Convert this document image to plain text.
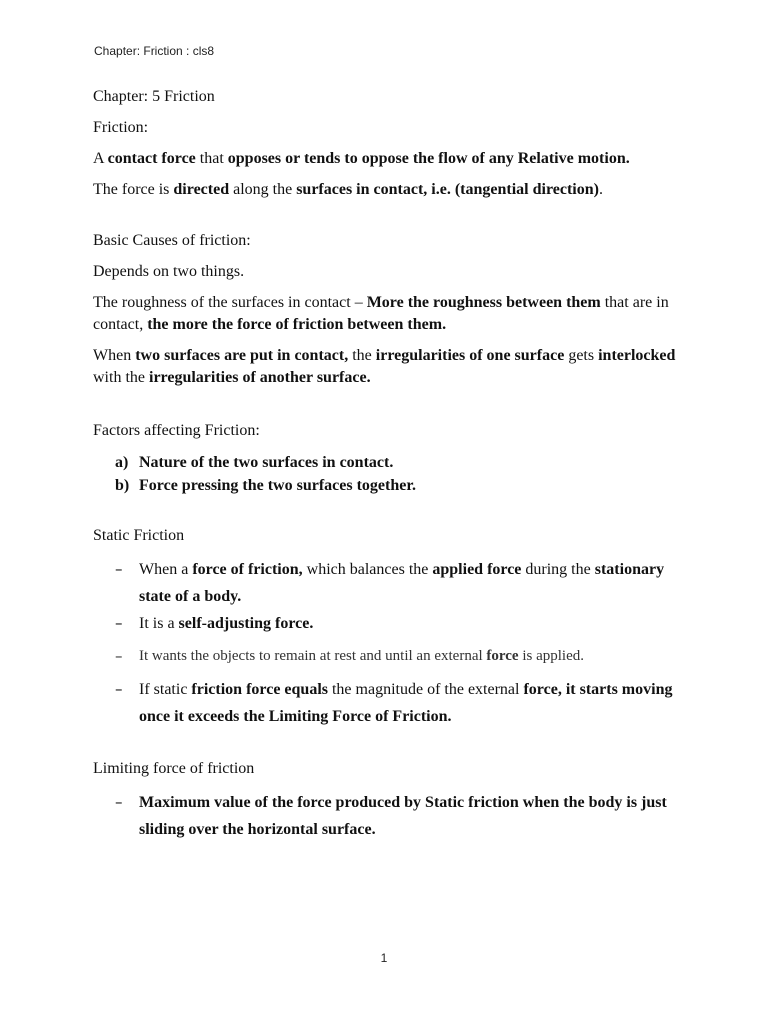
Chapter: Friction : cls8

Chapter: 5 Friction

Friction:

A contact force that opposes or tends to oppose the flow of any Relative motion.

The force is directed along the surfaces in contact, i.e. (tangential direction).

Basic Causes of friction:

Depends on two things.

The roughness of the surfaces in contact – More the roughness between them that are in contact, the more the force of friction between them.

When two surfaces are put in contact, the irregularities of one surface gets interlocked with the irregularities of another surface.

Factors affecting Friction:

a) Nature of the two surfaces in contact.
b) Force pressing the two surfaces together.

Static Friction

– When a force of friction, which balances the applied force during the stationary state of a body.
– It is a self-adjusting force.
– It wants the objects to remain at rest and until an external force is applied.
– If static friction force equals the magnitude of the external force, it starts moving once it exceeds the Limiting Force of Friction.

Limiting force of friction

– Maximum value of the force produced by Static friction when the body is just sliding over the horizontal surface.
1
